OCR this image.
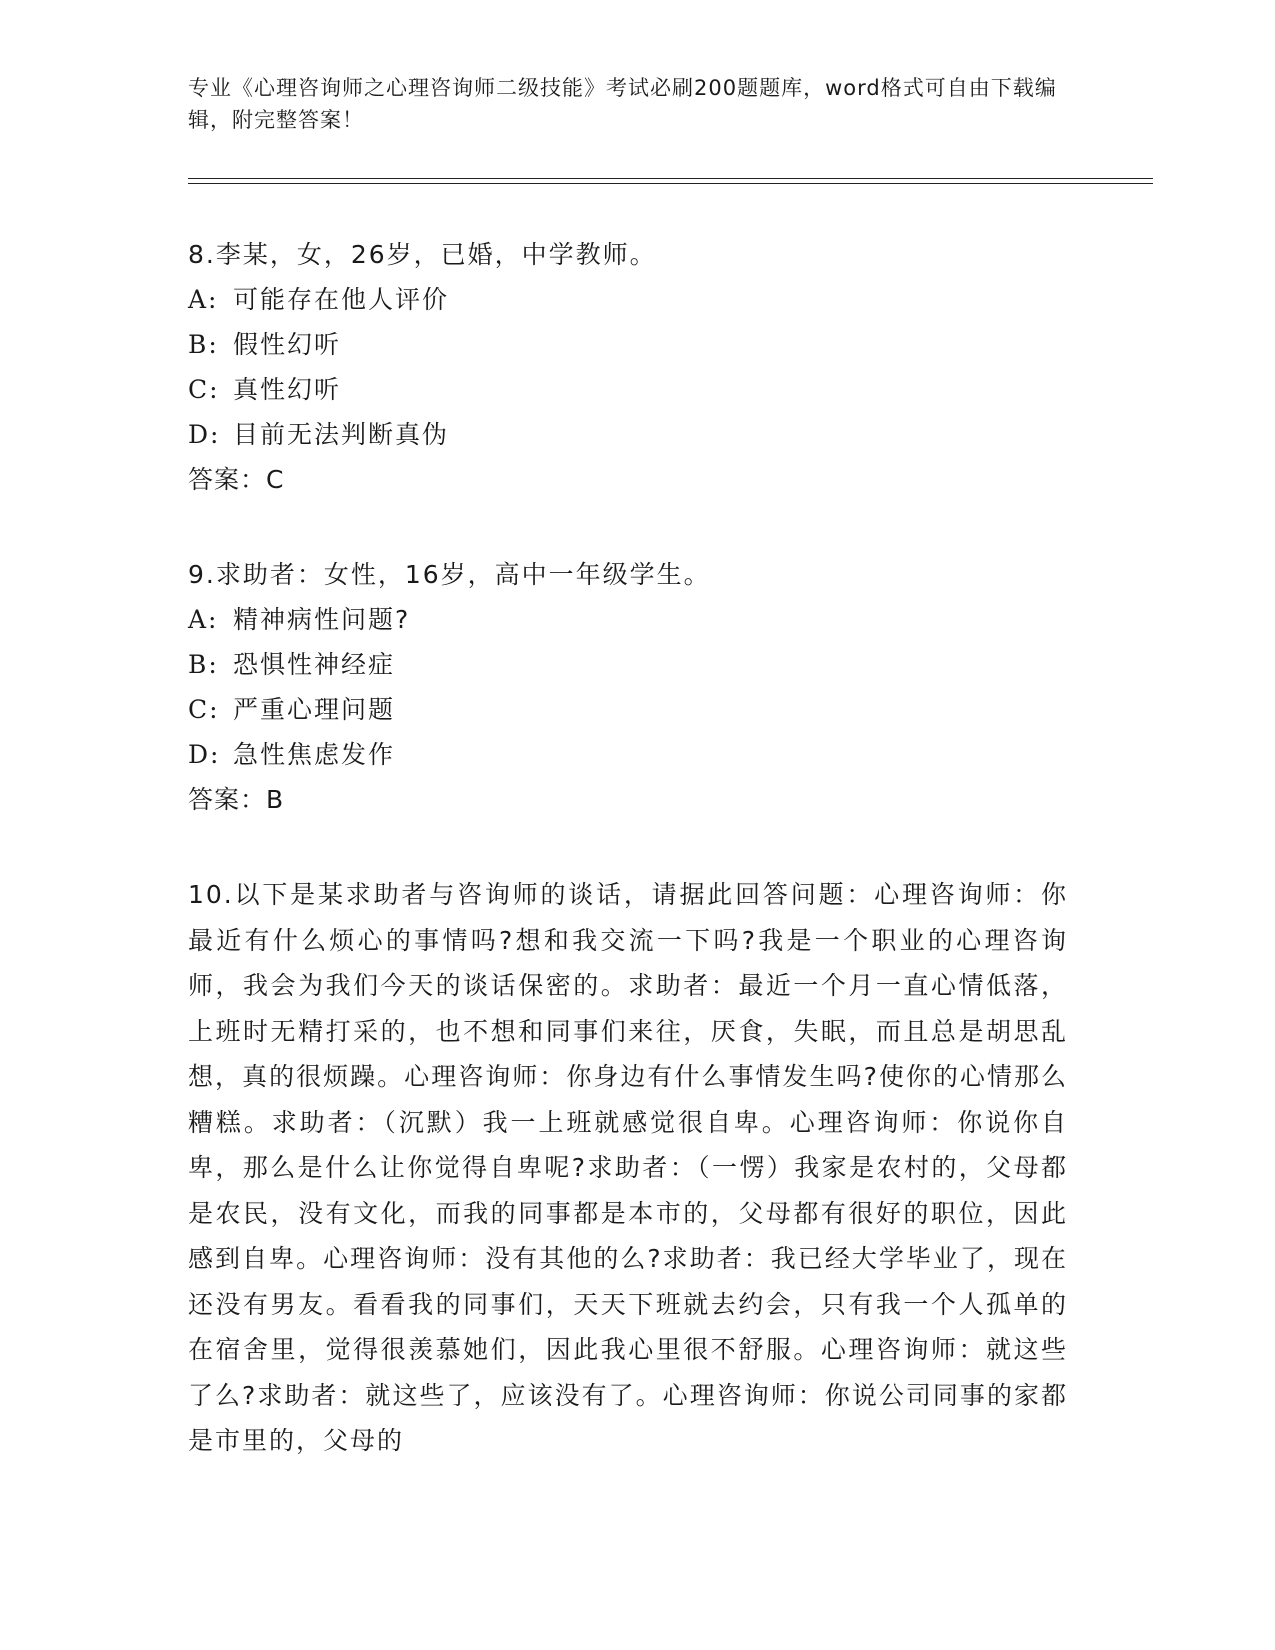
专业《心理咨询师之心理咨询师二级技能》考试必刷200题题库，word格式可自由下载编辑，附完整答案！
8.李某，女，26岁，已婚，中学教师。
A: 可能存在他人评价
B: 假性幻听
C: 真性幻听
D: 目前无法判断真伪
答案：C
9.求助者：女性，16岁，高中一年级学生。
A: 精神病性问题?
B: 恐惧性神经症
C: 严重心理问题
D: 急性焦虑发作
答案：B
10.以下是某求助者与咨询师的谈话，请据此回答问题：心理咨询师：你最近有什么烦心的事情吗?想和我交流一下吗?我是一个职业的心理咨询师，我会为我们今天的谈话保密的。求助者：最近一个月一直心情低落，上班时无精打采的，也不想和同事们来往，厌食，失眠，而且总是胡思乱想，真的很烦躁。心理咨询师：你身边有什么事情发生吗?使你的心情那么糟糕。求助者：（沉默）我一上班就感觉很自卑。心理咨询师：你说你自卑，那么是什么让你觉得自卑呢?求助者：（一愣）我家是农村的，父母都是农民，没有文化，而我的同事都是本市的，父母都有很好的职位，因此感到自卑。心理咨询师：没有其他的么?求助者：我已经大学毕业了，现在还没有男友。看看我的同事们，天天下班就去约会，只有我一个人孤单的在宿舍里，觉得很羡慕她们，因此我心里很不舒服。心理咨询师：就这些了么?求助者：就这些了，应该没有了。心理咨询师：你说公司同事的家都是市里的，父母的
